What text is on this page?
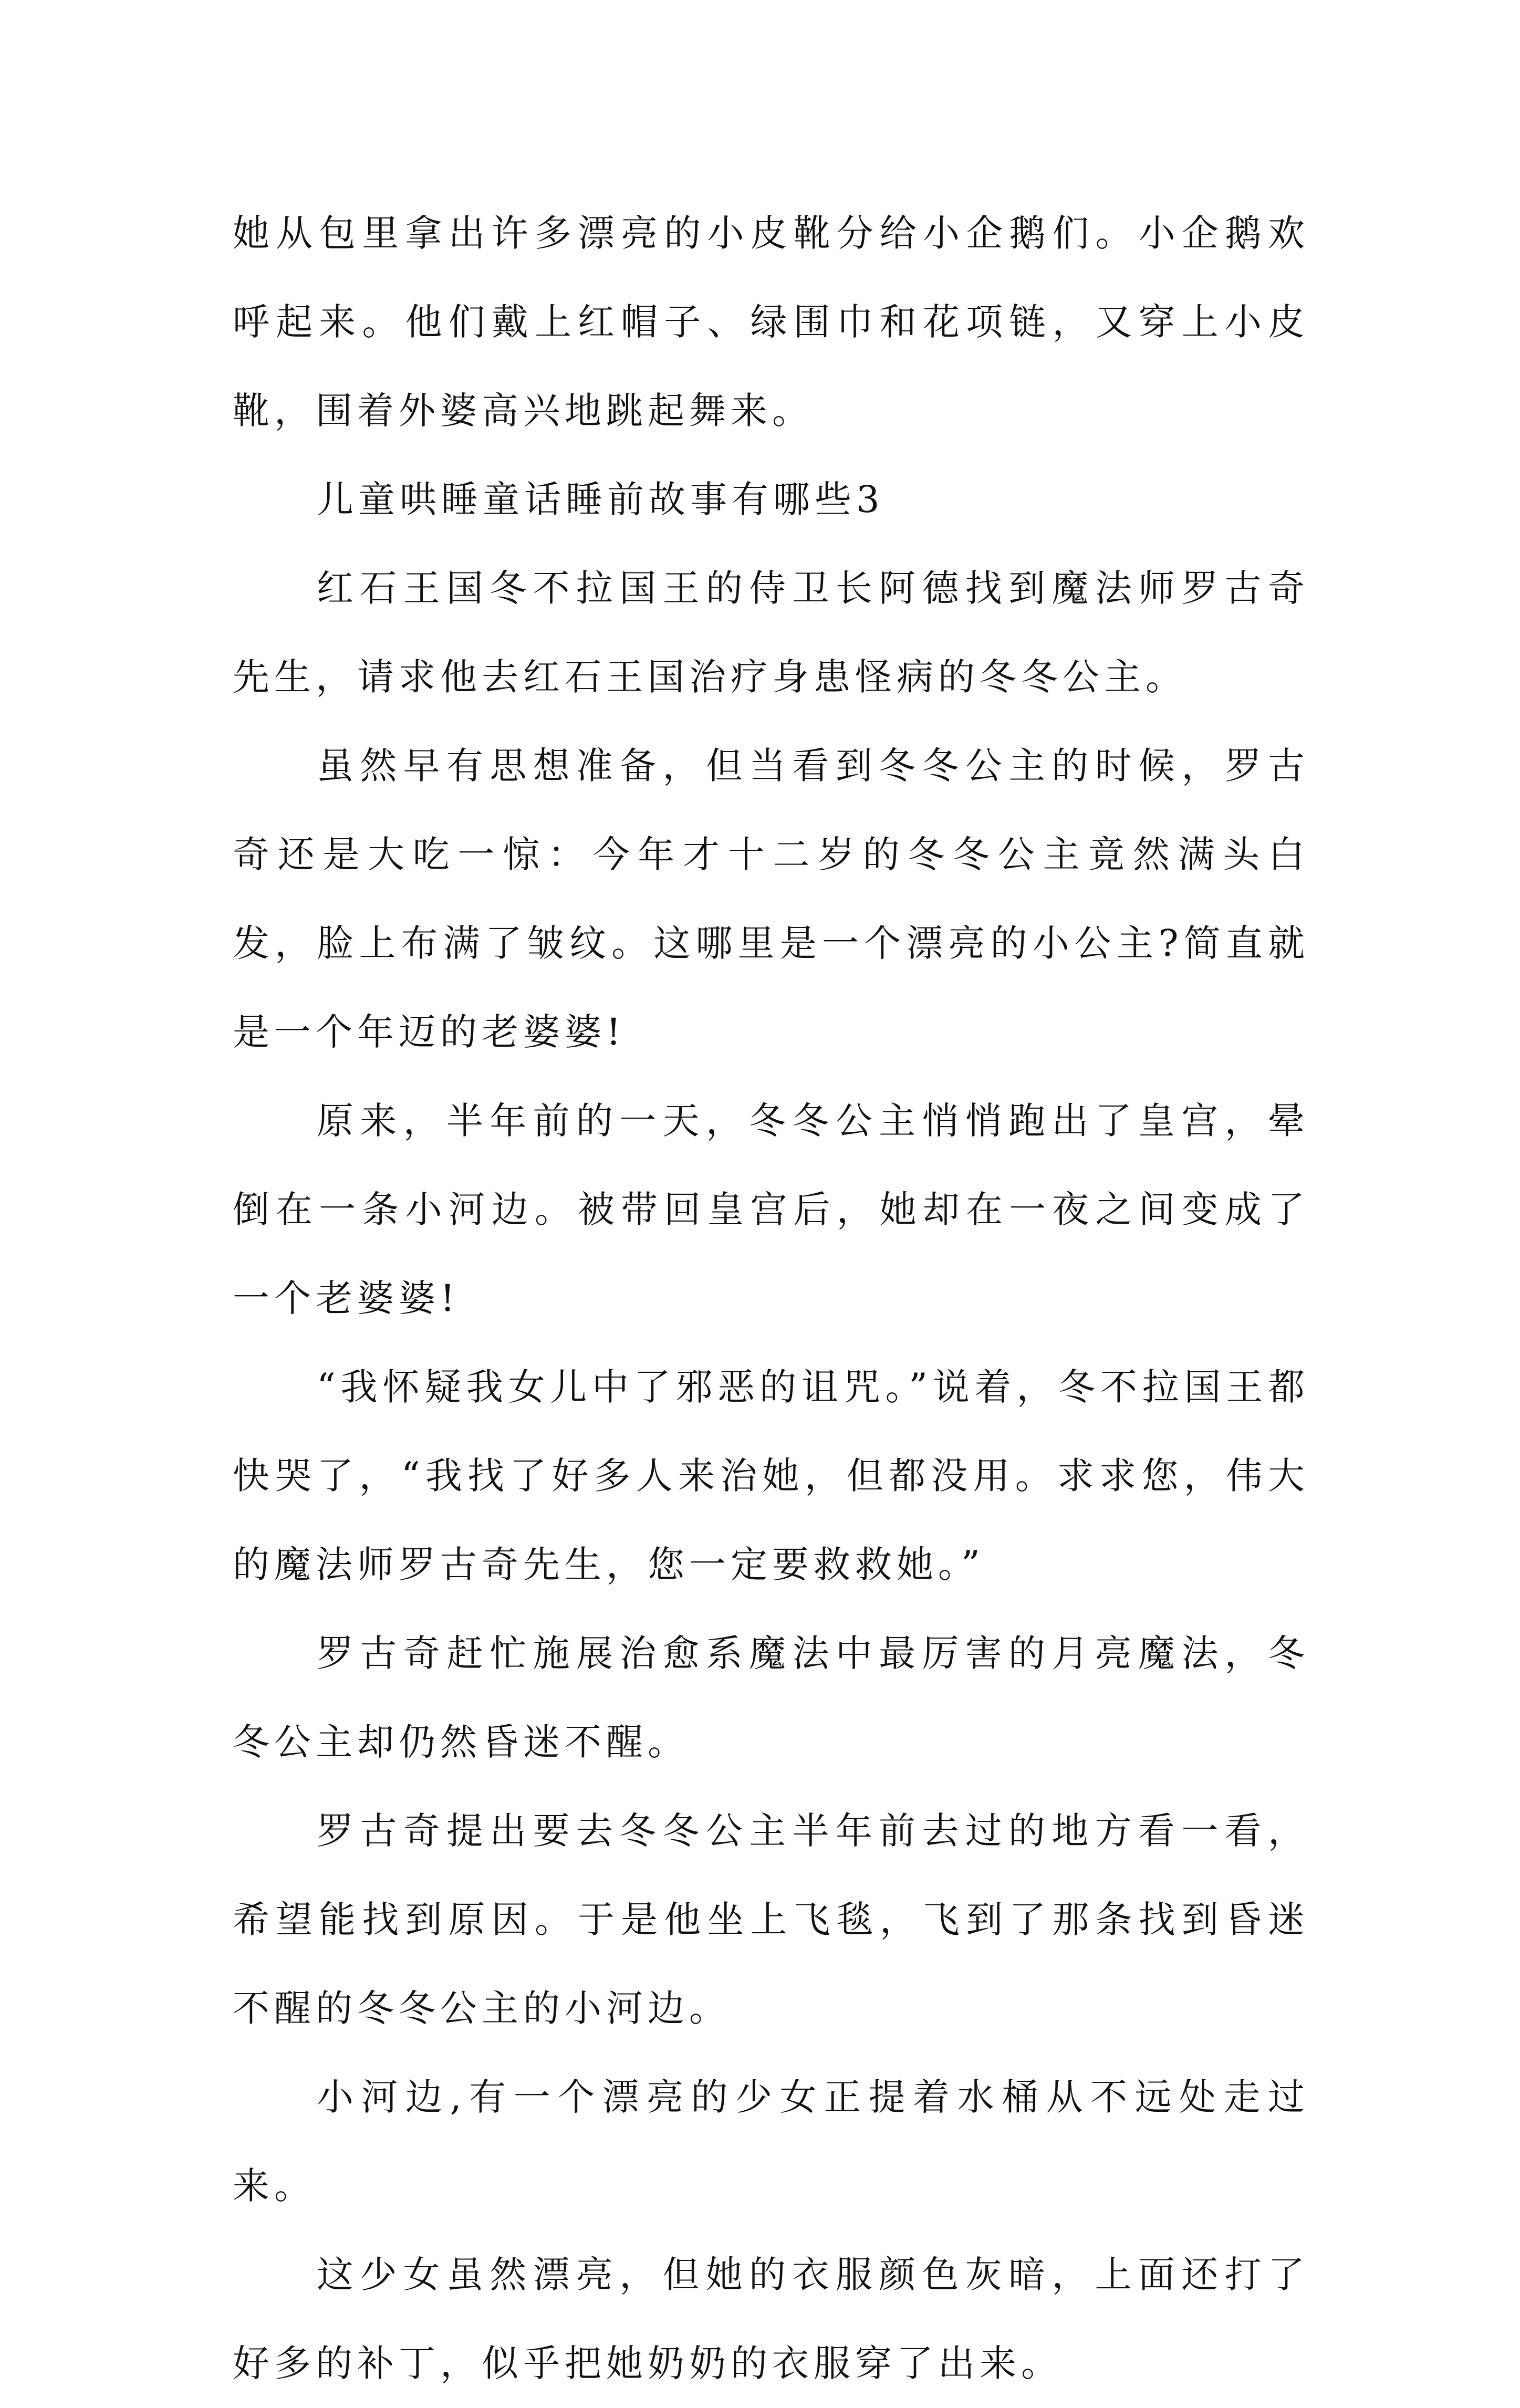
她从包里拿出许多漂亮的小皮靴分给小企鹅们。小企鹅欢呼起来。他们戴上红帽子、绿围巾和花项链，又穿上小皮靴，围着外婆高兴地跳起舞来。

儿童哄睡童话睡前故事有哪些3

红石王国冬不拉国王的侍卫长阿德找到魔法师罗古奇先生，请求他去红石王国治疗身患怪病的冬冬公主。

虽然早有思想准备，但当看到冬冬公主的时候，罗古奇还是大吃一惊：今年才十二岁的冬冬公主竟然满头白发，脸上布满了皱纹。这哪里是一个漂亮的小公主?简直就是一个年迈的老婆婆!

原来，半年前的一天，冬冬公主悄悄跑出了皇宫，晕倒在一条小河边。被带回皇宫后，她却在一夜之间变成了一个老婆婆!

“我怀疑我女儿中了邪恶的诅咒。”说着，冬不拉国王都快哭了，“我找了好多人来治她，但都没用。求求您，伟大的魔法师罗古奇先生，您一定要救救她。”

罗古奇赶忙施展治愈系魔法中最厉害的月亮魔法，冬冬公主却仍然昏迷不醒。

罗古奇提出要去冬冬公主半年前去过的地方看一看，希望能找到原因。于是他坐上飞毯，飞到了那条找到昏迷不醒的冬冬公主的小河边。

小河边,有一个漂亮的少女正提着水桶从不远处走过来。

这少女虽然漂亮，但她的衣服颜色灰暗，上面还打了好多的补丁，似乎把她奶奶的衣服穿了出来。
